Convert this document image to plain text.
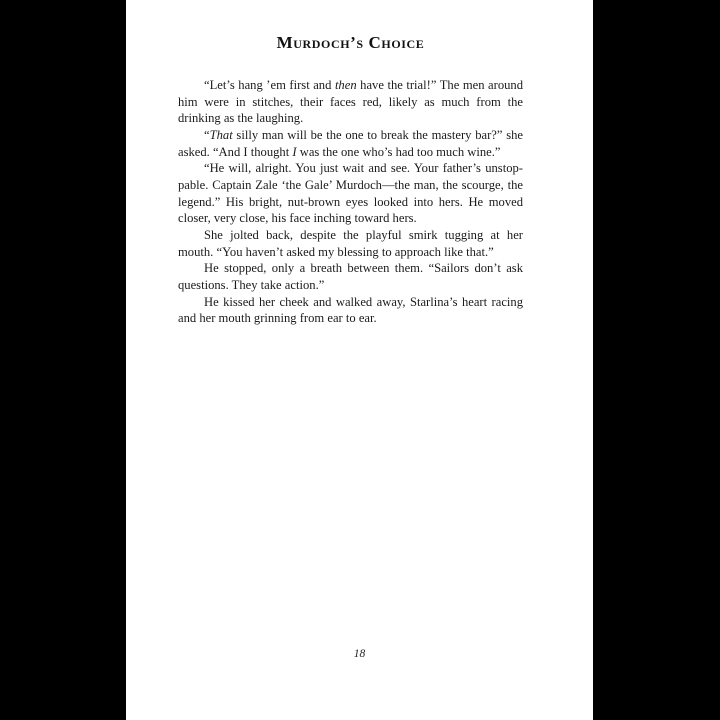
Murdoch’s Choice

“Let’s hang ’em first and then have the trial!” The men around him were in stitches, their faces red, likely as much from the drinking as the laughing.

“That silly man will be the one to break the mastery bar?” she asked. “And I thought I was the one who’s had too much wine.”

“He will, alright. You just wait and see. Your father’s unstoppable. Captain Zale ‘the Gale’ Murdoch—the man, the scourge, the legend.” His bright, nut-brown eyes looked into hers. He moved closer, very close, his face inching toward hers.

She jolted back, despite the playful smirk tugging at her mouth. “You haven’t asked my blessing to approach like that.”

He stopped, only a breath between them. “Sailors don’t ask questions. They take action.”

He kissed her cheek and walked away, Starlina’s heart racing and her mouth grinning from ear to ear.

18
